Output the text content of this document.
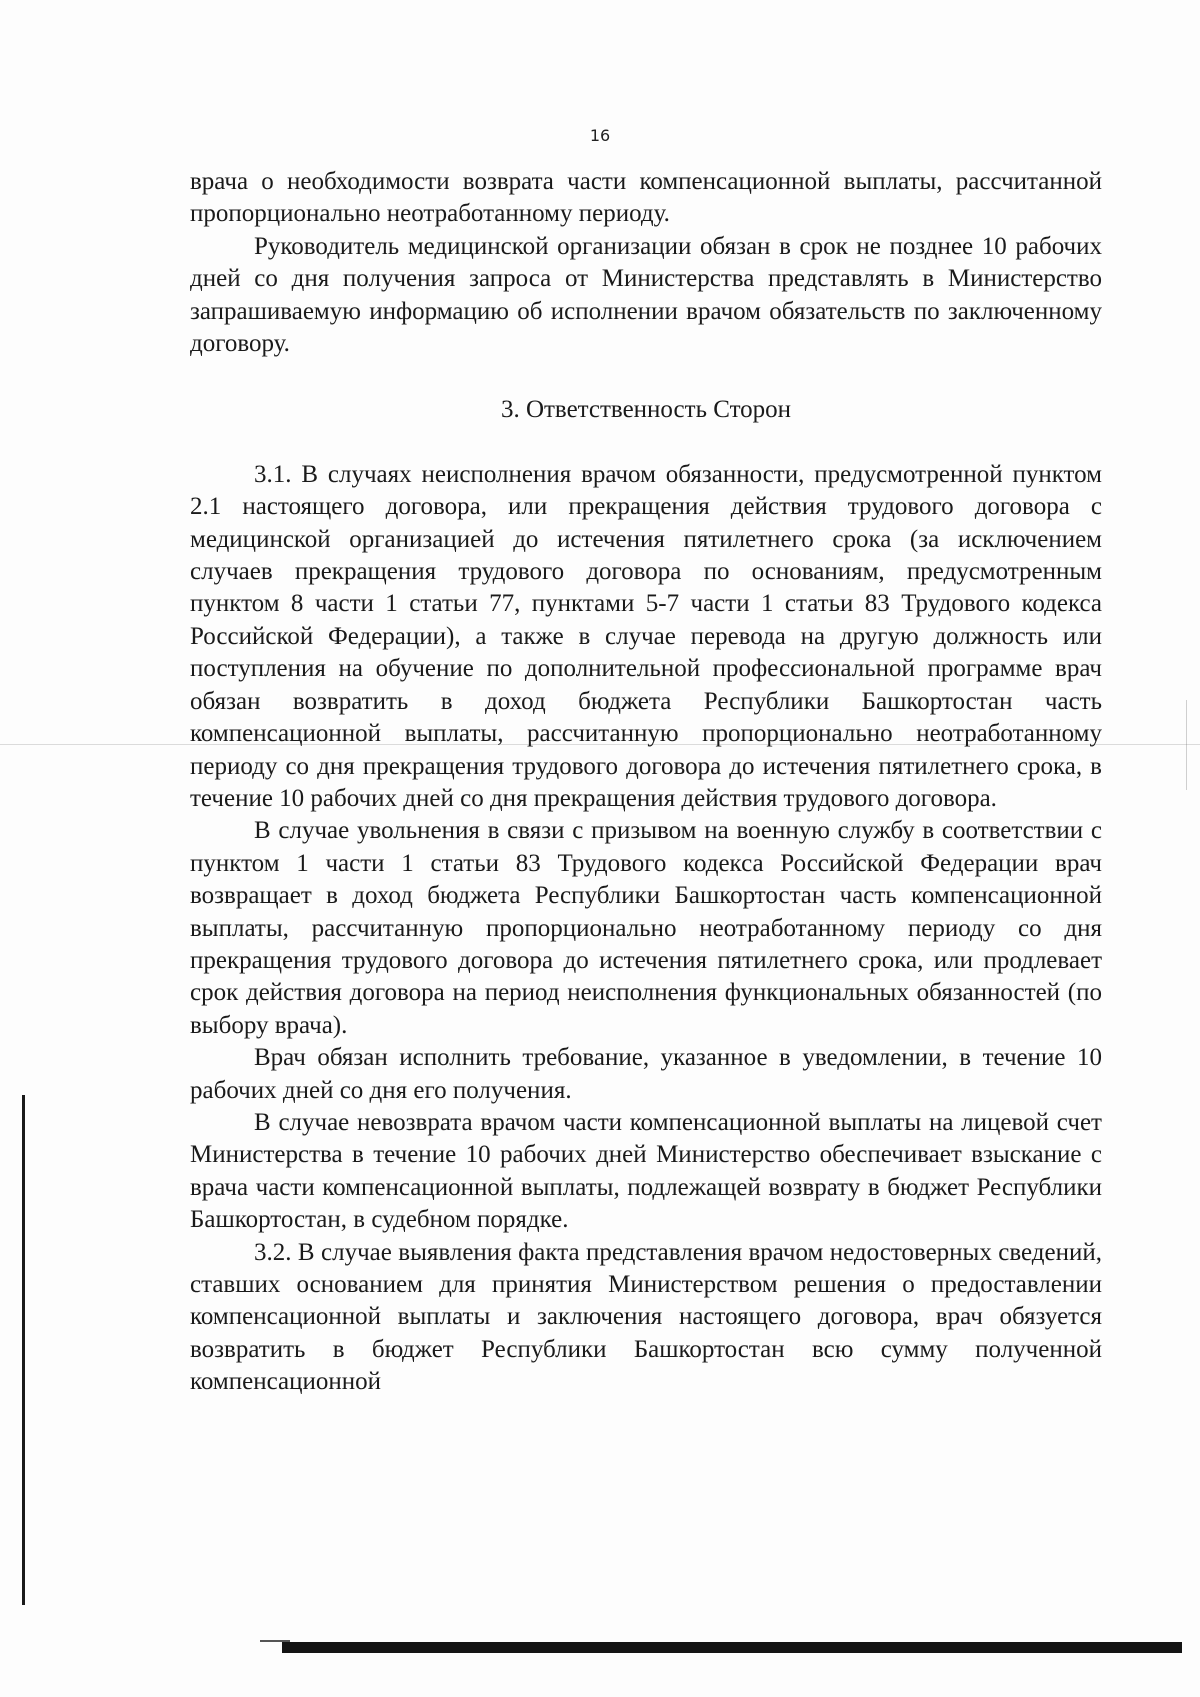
16

врача о необходимости возврата части компенсационной выплаты, рассчитанной пропорционально неотработанному периоду.

Руководитель медицинской организации обязан в срок не позднее 10 рабочих дней со дня получения запроса от Министерства представлять в Министерство запрашиваемую информацию об исполнении врачом обязательств по заключенному договору.

3. Ответственность Сторон

3.1. В случаях неисполнения врачом обязанности, предусмотренной пунктом 2.1 настоящего договора, или прекращения действия трудового договора с медицинской организацией до истечения пятилетнего срока (за исключением случаев прекращения трудового договора по основаниям, предусмотренным пунктом 8 части 1 статьи 77, пунктами 5-7 части 1 статьи 83 Трудового кодекса Российской Федерации), а также в случае перевода на другую должность или поступления на обучение по дополнительной профессиональной программе врач обязан возвратить в доход бюджета Республики Башкортостан часть компенсационной выплаты, рассчитанную пропорционально неотработанному периоду со дня прекращения трудового договора до истечения пятилетнего срока, в течение 10 рабочих дней со дня прекращения действия трудового договора.

В случае увольнения в связи с призывом на военную службу в соответствии с пунктом 1 части 1 статьи 83 Трудового кодекса Российской Федерации врач возвращает в доход бюджета Республики Башкортостан часть компенсационной выплаты, рассчитанную пропорционально неотработанному периоду со дня прекращения трудового договора до истечения пятилетнего срока, или продлевает срок действия договора на период неисполнения функциональных обязанностей (по выбору врача).

Врач обязан исполнить требование, указанное в уведомлении, в течение 10 рабочих дней со дня его получения.

В случае невозврата врачом части компенсационной выплаты на лицевой счет Министерства в течение 10 рабочих дней Министерство обеспечивает взыскание с врача части компенсационной выплаты, подлежащей возврату в бюджет Республики Башкортостан, в судебном порядке.

3.2. В случае выявления факта представления врачом недостоверных сведений, ставших основанием для принятия Министерством решения о предоставлении компенсационной выплаты и заключения настоящего договора, врач обязуется возвратить в бюджет Республики Башкортостан всю сумму полученной компенсационной
